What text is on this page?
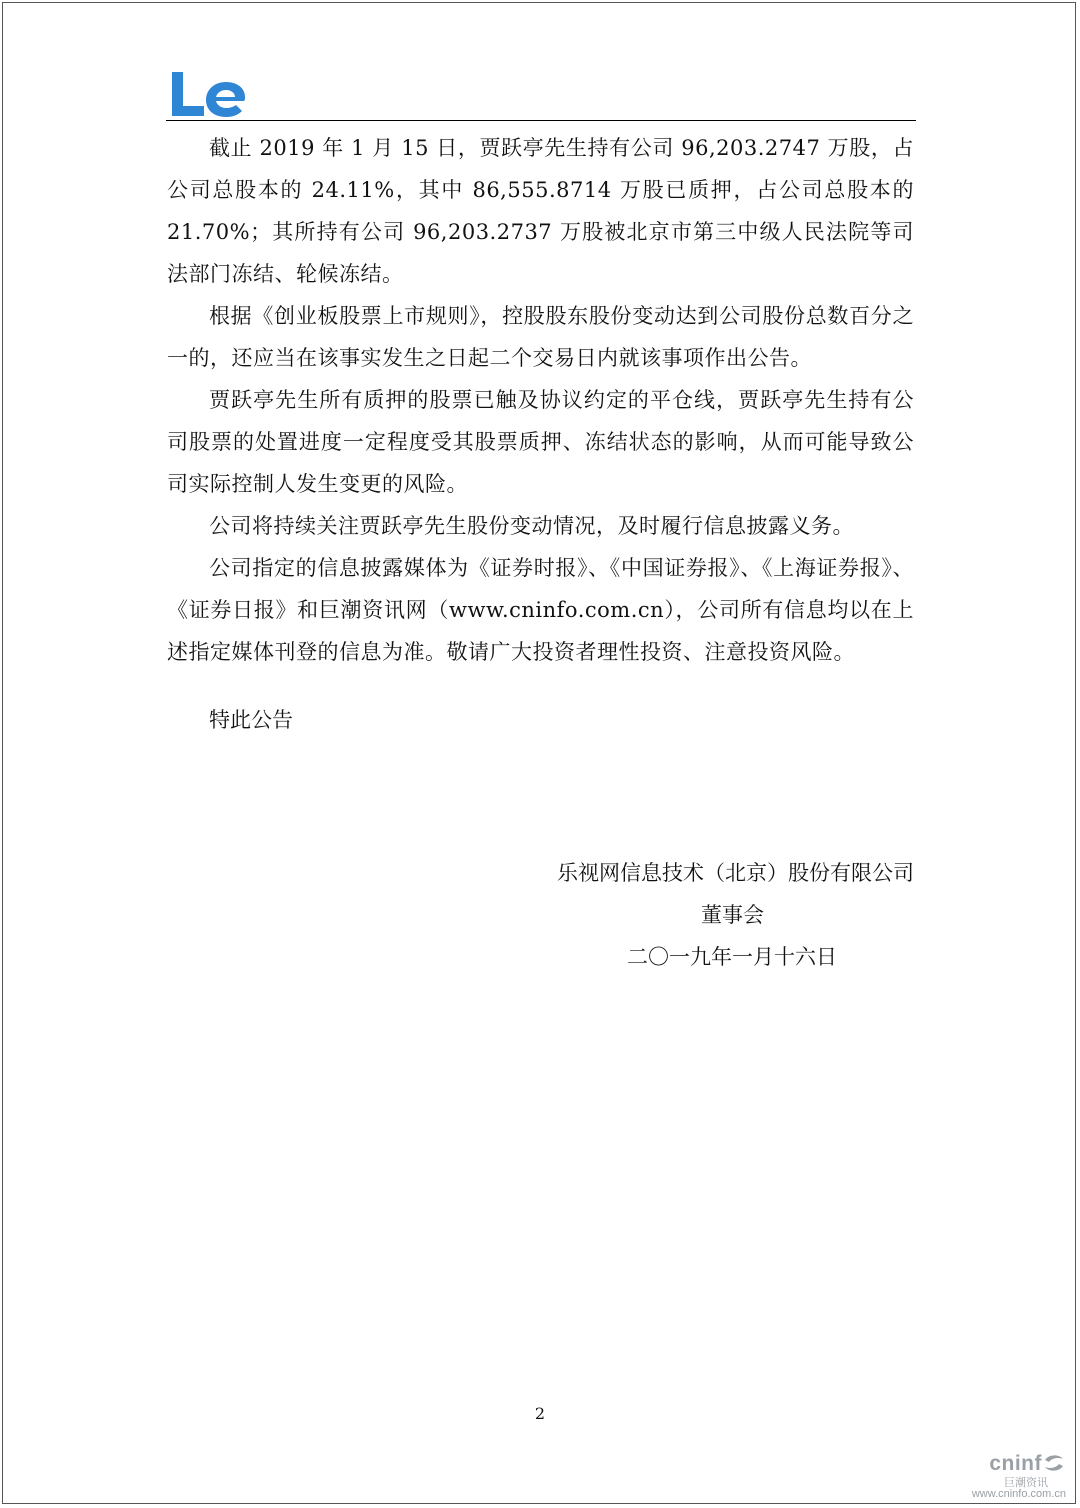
截止 2019 年 1 月 15 日，贾跃亭先生持有公司 96,203.2747 万股，占公司总股本的 24.11%，其中 86,555.8714 万股已质押，占公司总股本的 21.70%；其所持有公司 96,203.2737 万股被北京市第三中级人民法院等司法部门冻结、轮候冻结。

根据《创业板股票上市规则》，控股股东股份变动达到公司股份总数百分之一的，还应当在该事实发生之日起二个交易日内就该事项作出公告。

贾跃亭先生所有质押的股票已触及协议约定的平仓线，贾跃亭先生持有公司股票的处置进度一定程度受其股票质押、冻结状态的影响，从而可能导致公司实际控制人发生变更的风险。

公司将持续关注贾跃亭先生股份变动情况，及时履行信息披露义务。

公司指定的信息披露媒体为《证券时报》、《中国证券报》、《上海证券报》、《证券日报》和巨潮资讯网（www.cninfo.com.cn），公司所有信息均以在上述指定媒体刊登的信息为准。敬请广大投资者理性投资、注意投资风险。

特此公告

乐视网信息技术（北京）股份有限公司
董事会
二〇一九年一月十六日
2
cninf
巨潮资讯
www.cninfo.com.cn
